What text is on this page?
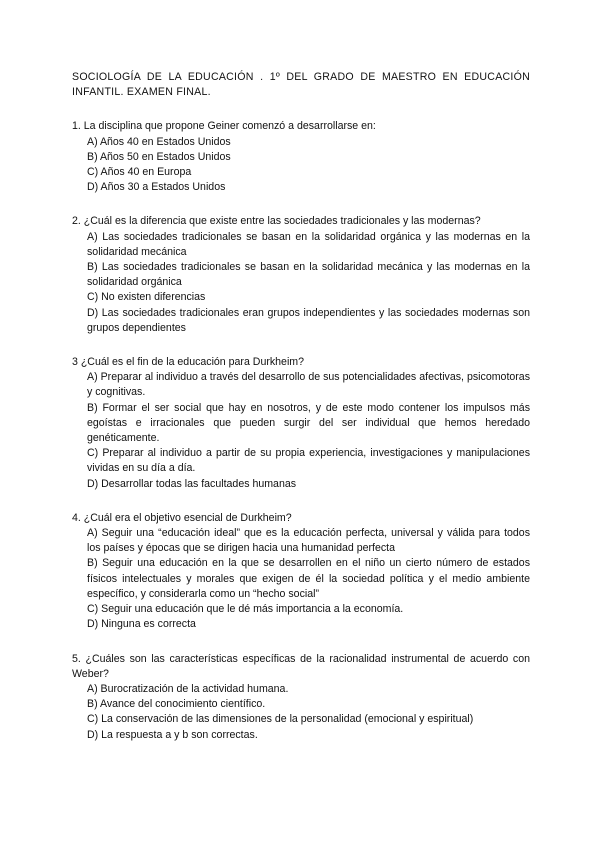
SOCIOLOGÍA DE LA EDUCACIÓN . 1º DEL GRADO DE MAESTRO EN EDUCACIÓN INFANTIL. EXAMEN FINAL.

1. La disciplina que propone Geiner comenzó a desarrollarse en:
A) Años 40 en Estados Unidos
B) Años 50 en Estados Unidos
C) Años 40 en Europa
D) Años 30 a Estados Unidos
2. ¿Cuál es la diferencia que existe entre las sociedades tradicionales y las modernas?
A) Las sociedades tradicionales se basan en la solidaridad orgánica y las modernas en la solidaridad mecánica
B) Las sociedades tradicionales se basan en la solidaridad mecánica y las modernas en la solidaridad orgánica
C) No existen diferencias
D) Las sociedades tradicionales eran grupos independientes y las sociedades modernas son grupos dependientes
3 ¿Cuál es el fin de la educación para Durkheim?
A) Preparar al individuo a través del desarrollo de sus potencialidades afectivas, psicomotoras y cognitivas.
B) Formar el ser social que hay en nosotros, y de este modo contener los impulsos más egoístas e irracionales que pueden surgir del ser individual que hemos heredado genéticamente.
C) Preparar al individuo a partir de su propia experiencia, investigaciones y manipulaciones vividas en su día a día.
D) Desarrollar todas las facultades humanas
4. ¿Cuál era el objetivo esencial de Durkheim?
A) Seguir una “educación ideal” que es la educación perfecta, universal y válida para todos los países y épocas que se dirigen hacia una humanidad perfecta
B) Seguir una educación en la que se desarrollen en el niño un cierto número de estados físicos intelectuales y morales que exigen de él la sociedad política y el medio ambiente específico, y considerarla como un “hecho social”
C) Seguir una educación que le dé más importancia a la economía.
D) Ninguna es correcta
5. ¿Cuáles son las características específicas de la racionalidad instrumental de acuerdo con Weber?
A) Burocratización de la actividad humana.
B) Avance del conocimiento científico.
C) La conservación de las dimensiones de la personalidad (emocional y espiritual)
D) La respuesta a y b son correctas.
